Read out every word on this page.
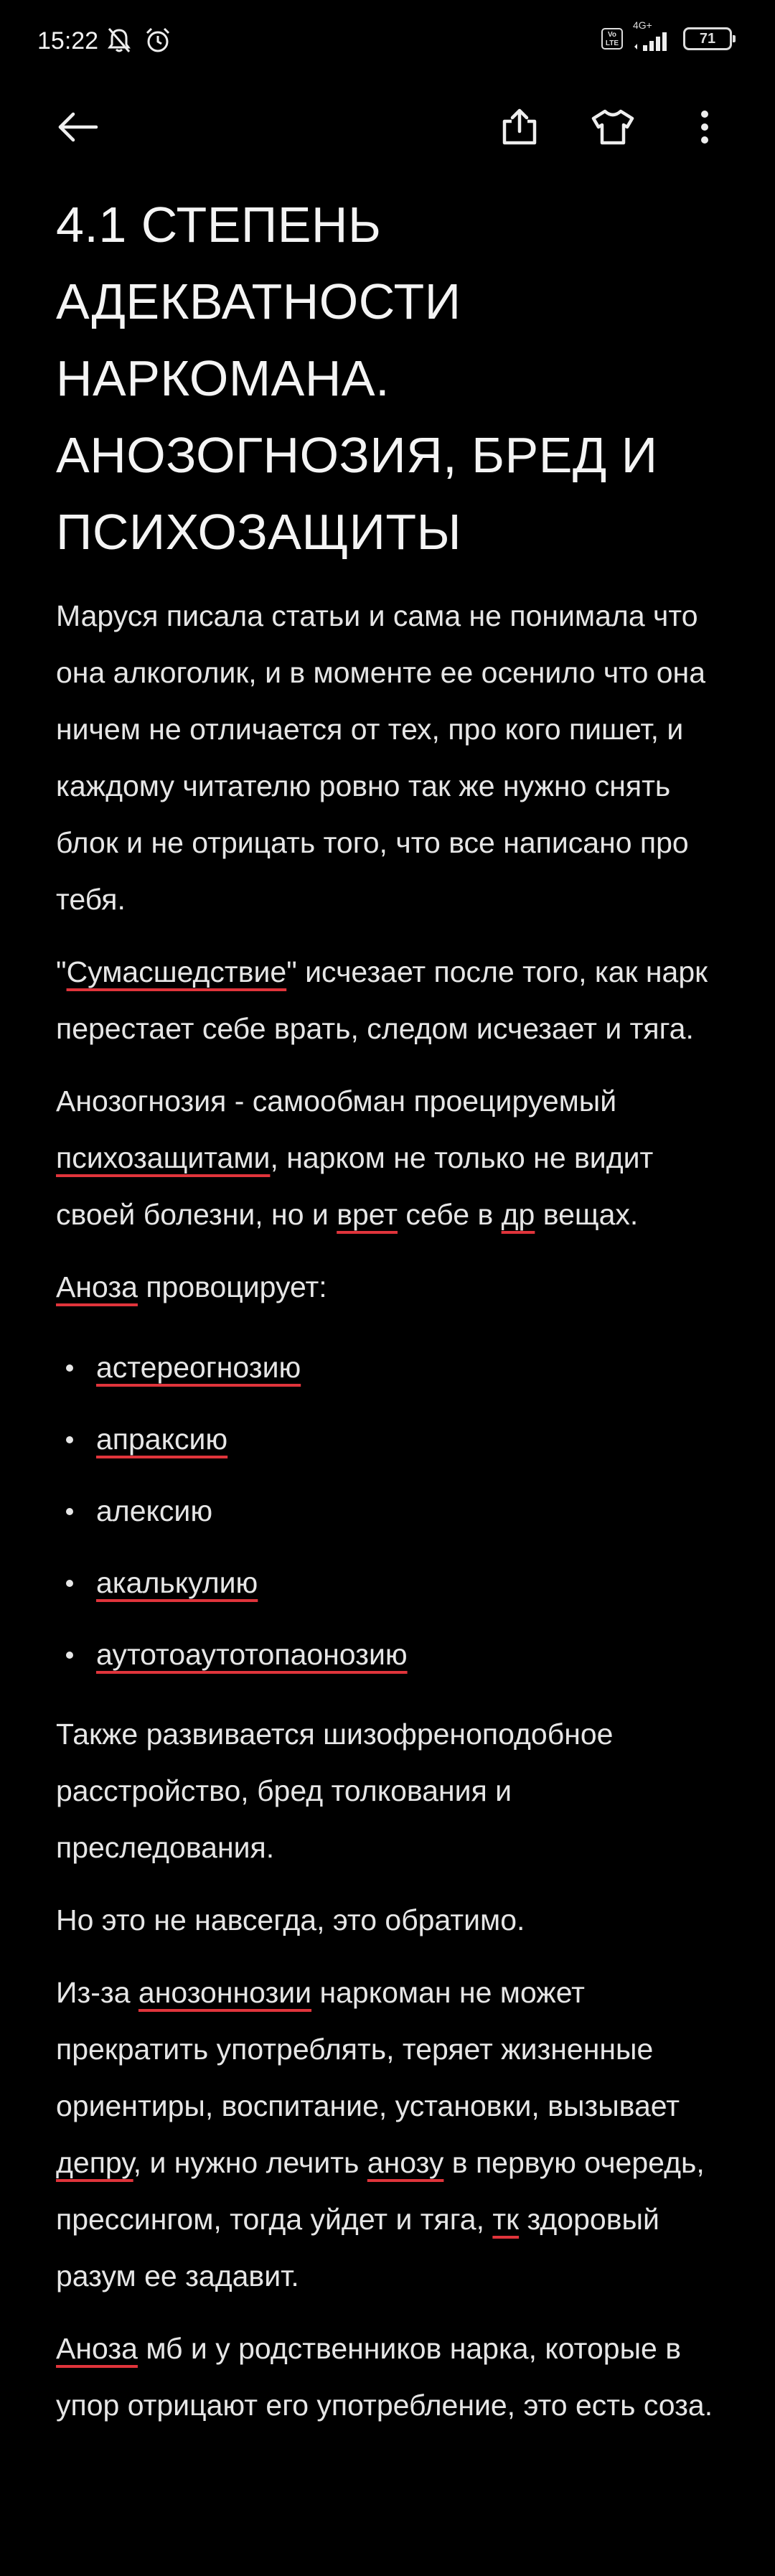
15:22	Vo LTE
4G+
71
4.1 СТЕПЕНЬ АДЕКВАТНОСТИ НАРКОМАНА. АНОЗОГНОЗИЯ, БРЕД И ПСИХОЗАЩИТЫ

Маруся писала статьи и сама не понимала что она алкоголик, и в моменте ее осенило что она ничем не отличается от тех, про кого пишет, и каждому читателю ровно так же нужно снять блок и не отрицать того, что все написано про тебя.

"Сумасшедствие" исчезает после того, как нарк перестает себе врать, следом исчезает и тяга.

Анозогнозия - самообман проецируемый психозащитами, нарком не только не видит своей болезни, но и врет себе в др вещах.

Аноза провоцирует:

астереогнозию
апраксию
алексию
акалькулию
аутотоаутотопаонозию

Также развивается шизофреноподобное расстройство, бред толкования и преследования.

Но это не навсегда, это обратимо.

Из-за анозоннозии наркоман не может прекратить употреблять, теряет жизненные ориентиры, воспитание, установки, вызывает депру, и нужно лечить анозу в первую очередь, прессингом, тогда уйдет и тяга, тк здоровый разум ее задавит.

Аноза мб и у родственников нарка, которые в упор отрицают его употребление, это есть соза.
